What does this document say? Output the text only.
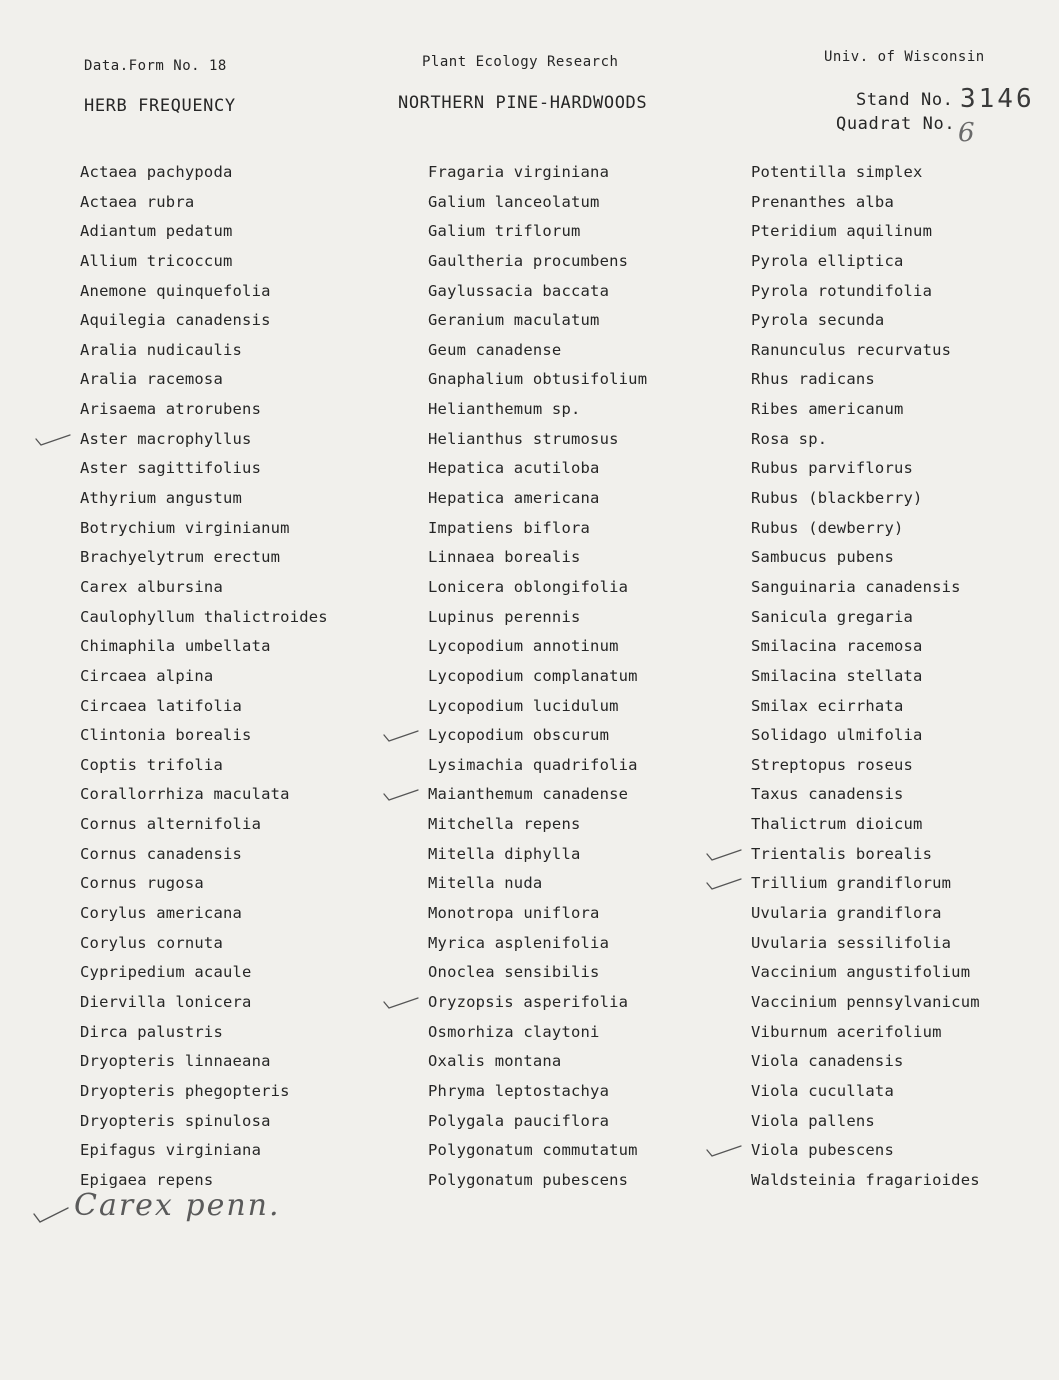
Data.Form No. 18	Plant Ecology Research	Univ. of Wisconsin
HERB FREQUENCY	NORTHERN PINE-HARDWOODS	Stand No. 3146
Quadrat No. 6
Actaea pachypoda
Actaea rubra
Adiantum pedatum
Allium tricoccum
Anemone quinquefolia
Aquilegia canadensis
Aralia nudicaulis
Aralia racemosa
Arisaema atrorubens
Aster macrophyllus
Aster sagittifolius
Athyrium angustum
Botrychium virginianum
Brachyelytrum erectum
Carex albursina
Caulophyllum thalictroides
Chimaphila umbellata
Circaea alpina
Circaea latifolia
Clintonia borealis
Coptis trifolia
Corallorrhiza maculata
Cornus alternifolia
Cornus canadensis
Cornus rugosa
Corylus americana
Corylus cornuta
Cypripedium acaule
Diervilla lonicera
Dirca palustris
Dryopteris linnaeana
Dryopteris phegopteris
Dryopteris spinulosa
Epifagus virginiana
Epigaea repens
Fragaria virginiana
Galium lanceolatum
Galium triflorum
Gaultheria procumbens
Gaylussacia baccata
Geranium maculatum
Geum canadense
Gnaphalium obtusifolium
Helianthemum sp.
Helianthus strumosus
Hepatica acutiloba
Hepatica americana
Impatiens biflora
Linnaea borealis
Lonicera oblongifolia
Lupinus perennis
Lycopodium annotinum
Lycopodium complanatum
Lycopodium lucidulum
Lycopodium obscurum
Lysimachia quadrifolia
Maianthemum canadense
Mitchella repens
Mitella diphylla
Mitella nuda
Monotropa uniflora
Myrica asplenifolia
Onoclea sensibilis
Oryzopsis asperifolia
Osmorhiza claytoni
Oxalis montana
Phryma leptostachya
Polygala pauciflora
Polygonatum commutatum
Polygonatum pubescens
Potentilla simplex
Prenanthes alba
Pteridium aquilinum
Pyrola elliptica
Pyrola rotundifolia
Pyrola secunda
Ranunculus recurvatus
Rhus radicans
Ribes americanum
Rosa sp.
Rubus parviflorus
Rubus (blackberry)
Rubus (dewberry)
Sambucus pubens
Sanguinaria canadensis
Sanicula gregaria
Smilacina racemosa
Smilacina stellata
Smilax ecirrhata
Solidago ulmifolia
Streptopus roseus
Taxus canadensis
Thalictrum dioicum
Trientalis borealis
Trillium grandiflorum
Uvularia grandiflora
Uvularia sessilifolia
Vaccinium angustifolium
Vaccinium pennsylvanicum
Viburnum acerifolium
Viola canadensis
Viola cucullata
Viola pallens
Viola pubescens
Waldsteinia fragarioides
Carex penn.
